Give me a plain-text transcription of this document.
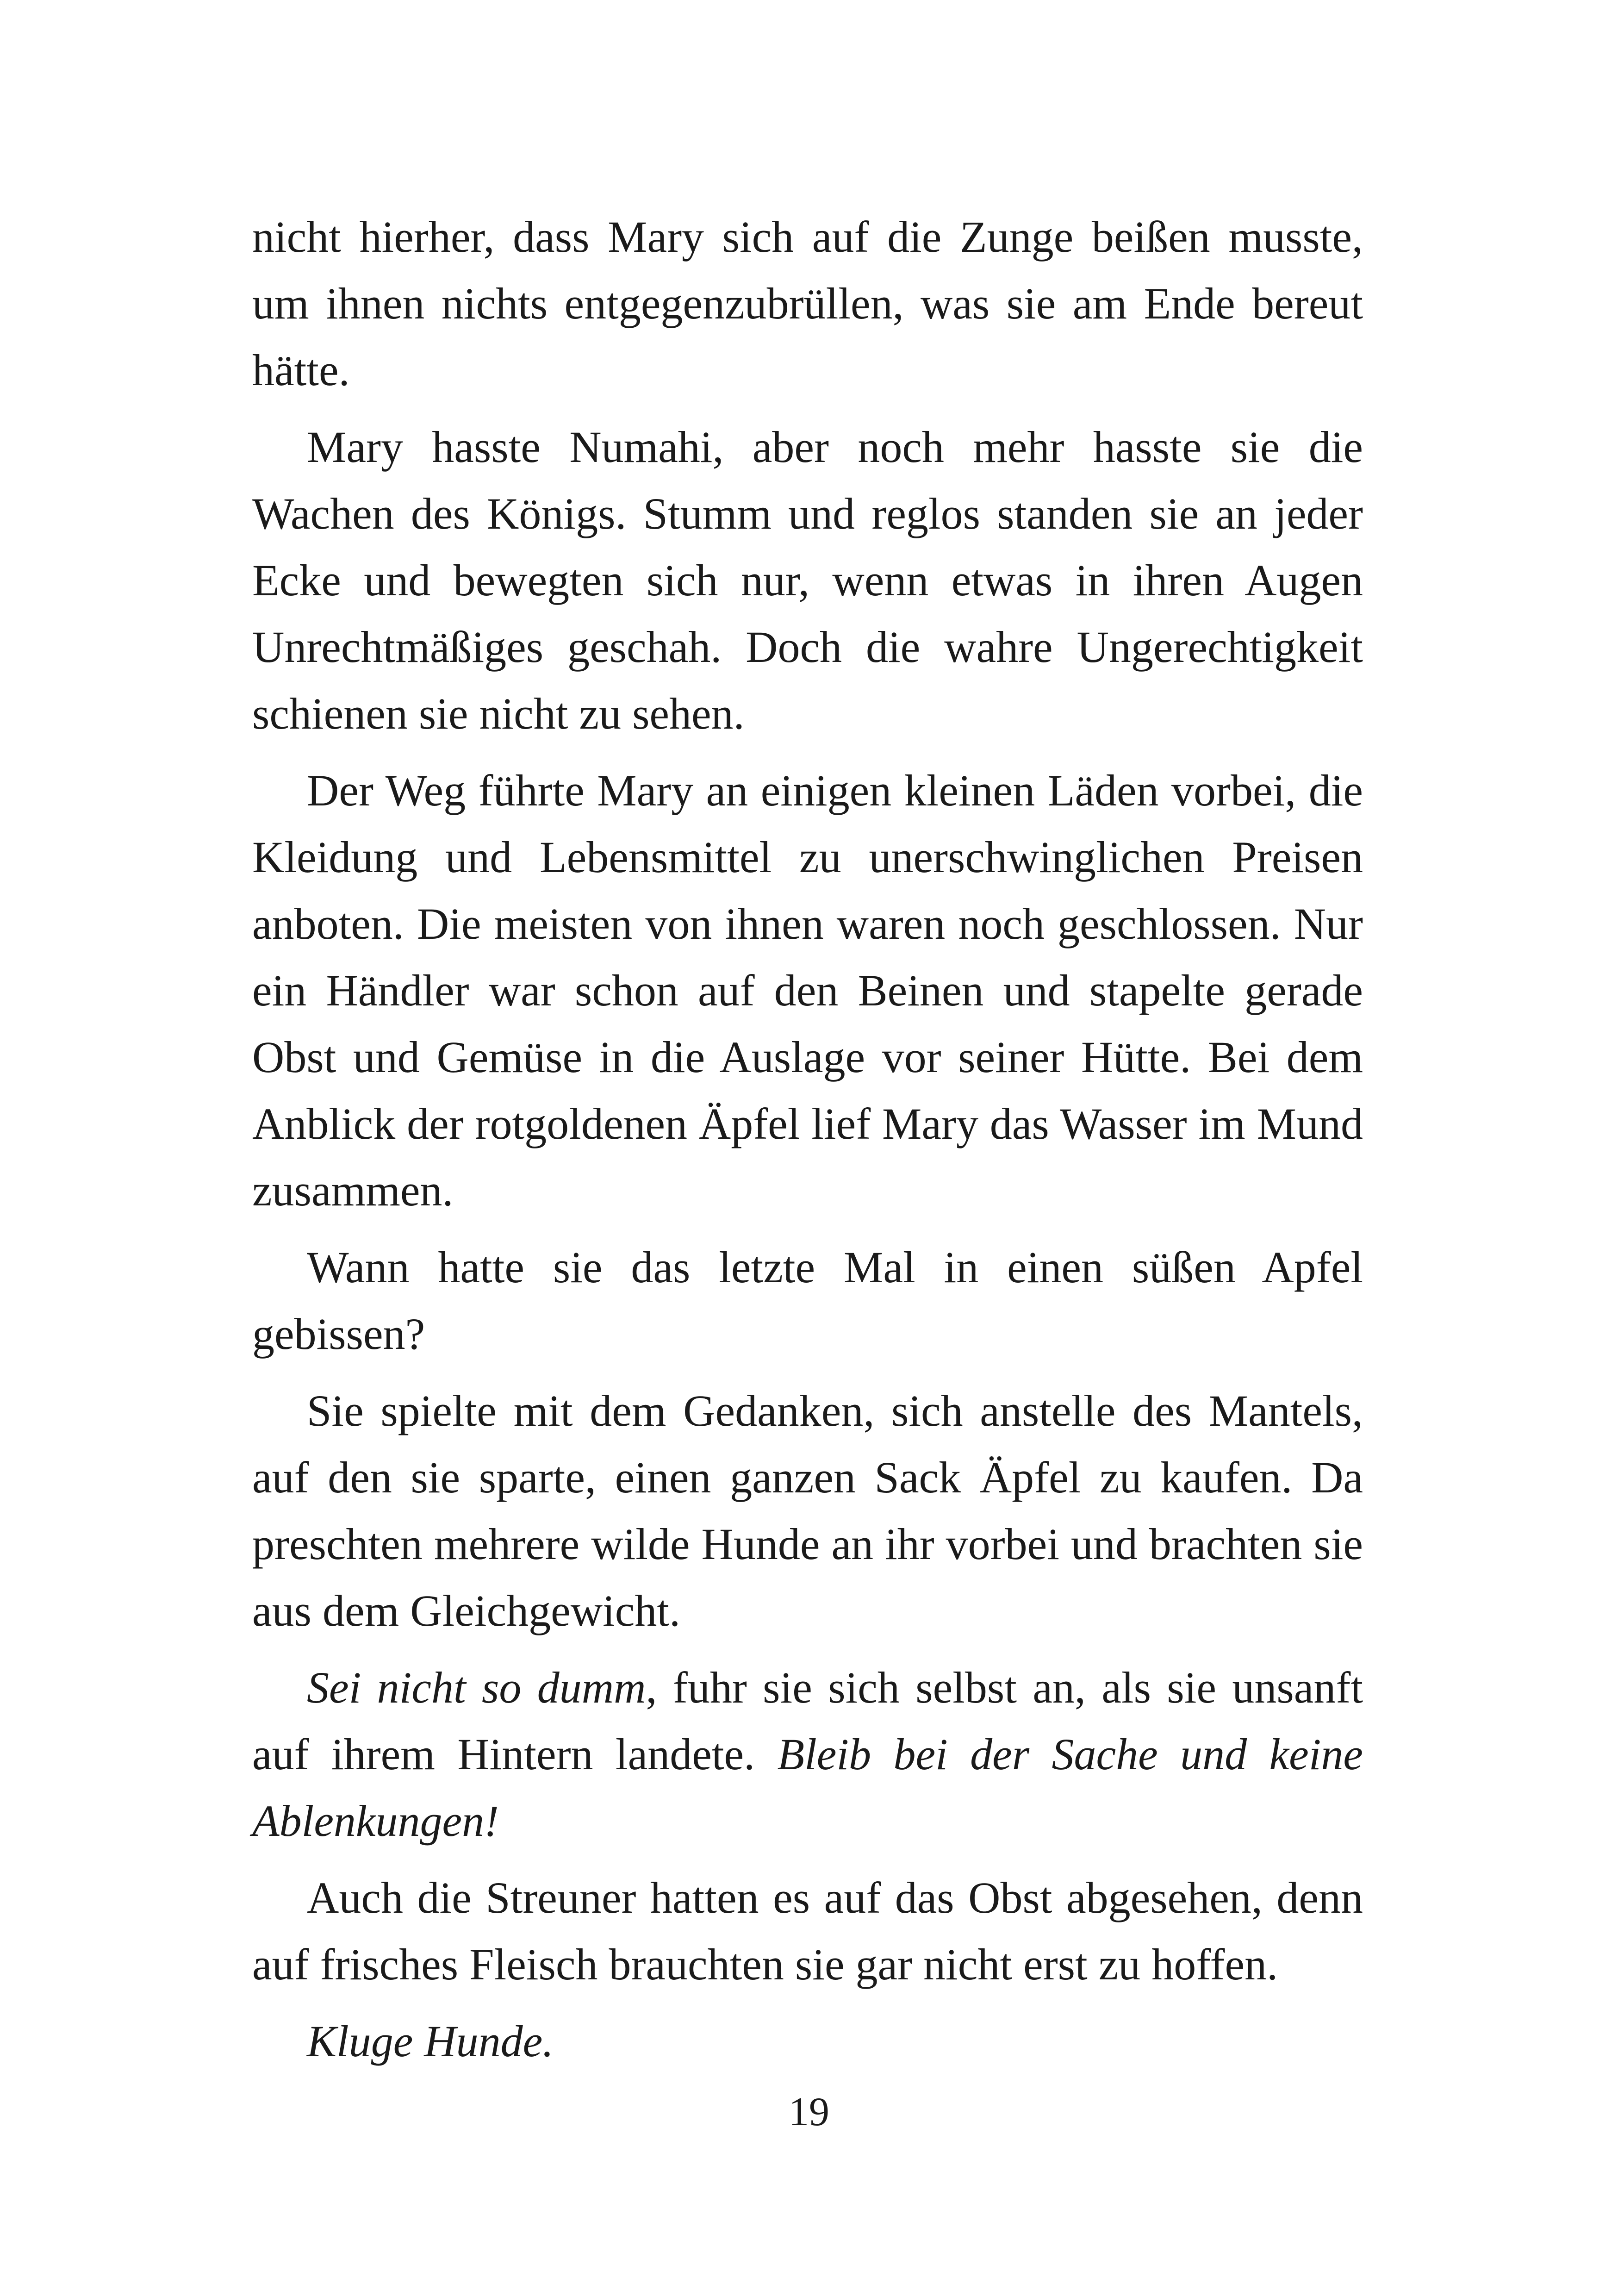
nicht hierher, dass Mary sich auf die Zunge beißen musste, um ihnen nichts entgegenzubrüllen, was sie am Ende bereut hätte.

Mary hasste Numahi, aber noch mehr hasste sie die Wachen des Königs. Stumm und reglos standen sie an jeder Ecke und bewegten sich nur, wenn etwas in ihren Augen Unrechtmäßiges geschah. Doch die wahre Ungerechtigkeit schienen sie nicht zu sehen.

Der Weg führte Mary an einigen kleinen Läden vorbei, die Kleidung und Lebensmittel zu unerschwinglichen Preisen anboten. Die meisten von ihnen waren noch geschlossen. Nur ein Händler war schon auf den Beinen und stapelte gerade Obst und Gemüse in die Auslage vor seiner Hütte. Bei dem Anblick der rotgoldenen Äpfel lief Mary das Wasser im Mund zusammen.

Wann hatte sie das letzte Mal in einen süßen Apfel gebissen?

Sie spielte mit dem Gedanken, sich anstelle des Mantels, auf den sie sparte, einen ganzen Sack Äpfel zu kaufen. Da preschten mehrere wilde Hunde an ihr vorbei und brachten sie aus dem Gleichgewicht.

Sei nicht so dumm, fuhr sie sich selbst an, als sie unsanft auf ihrem Hintern landete. Bleib bei der Sache und keine Ablenkungen!

Auch die Streuner hatten es auf das Obst abgesehen, denn auf frisches Fleisch brauchten sie gar nicht erst zu hoffen.

Kluge Hunde.

19
